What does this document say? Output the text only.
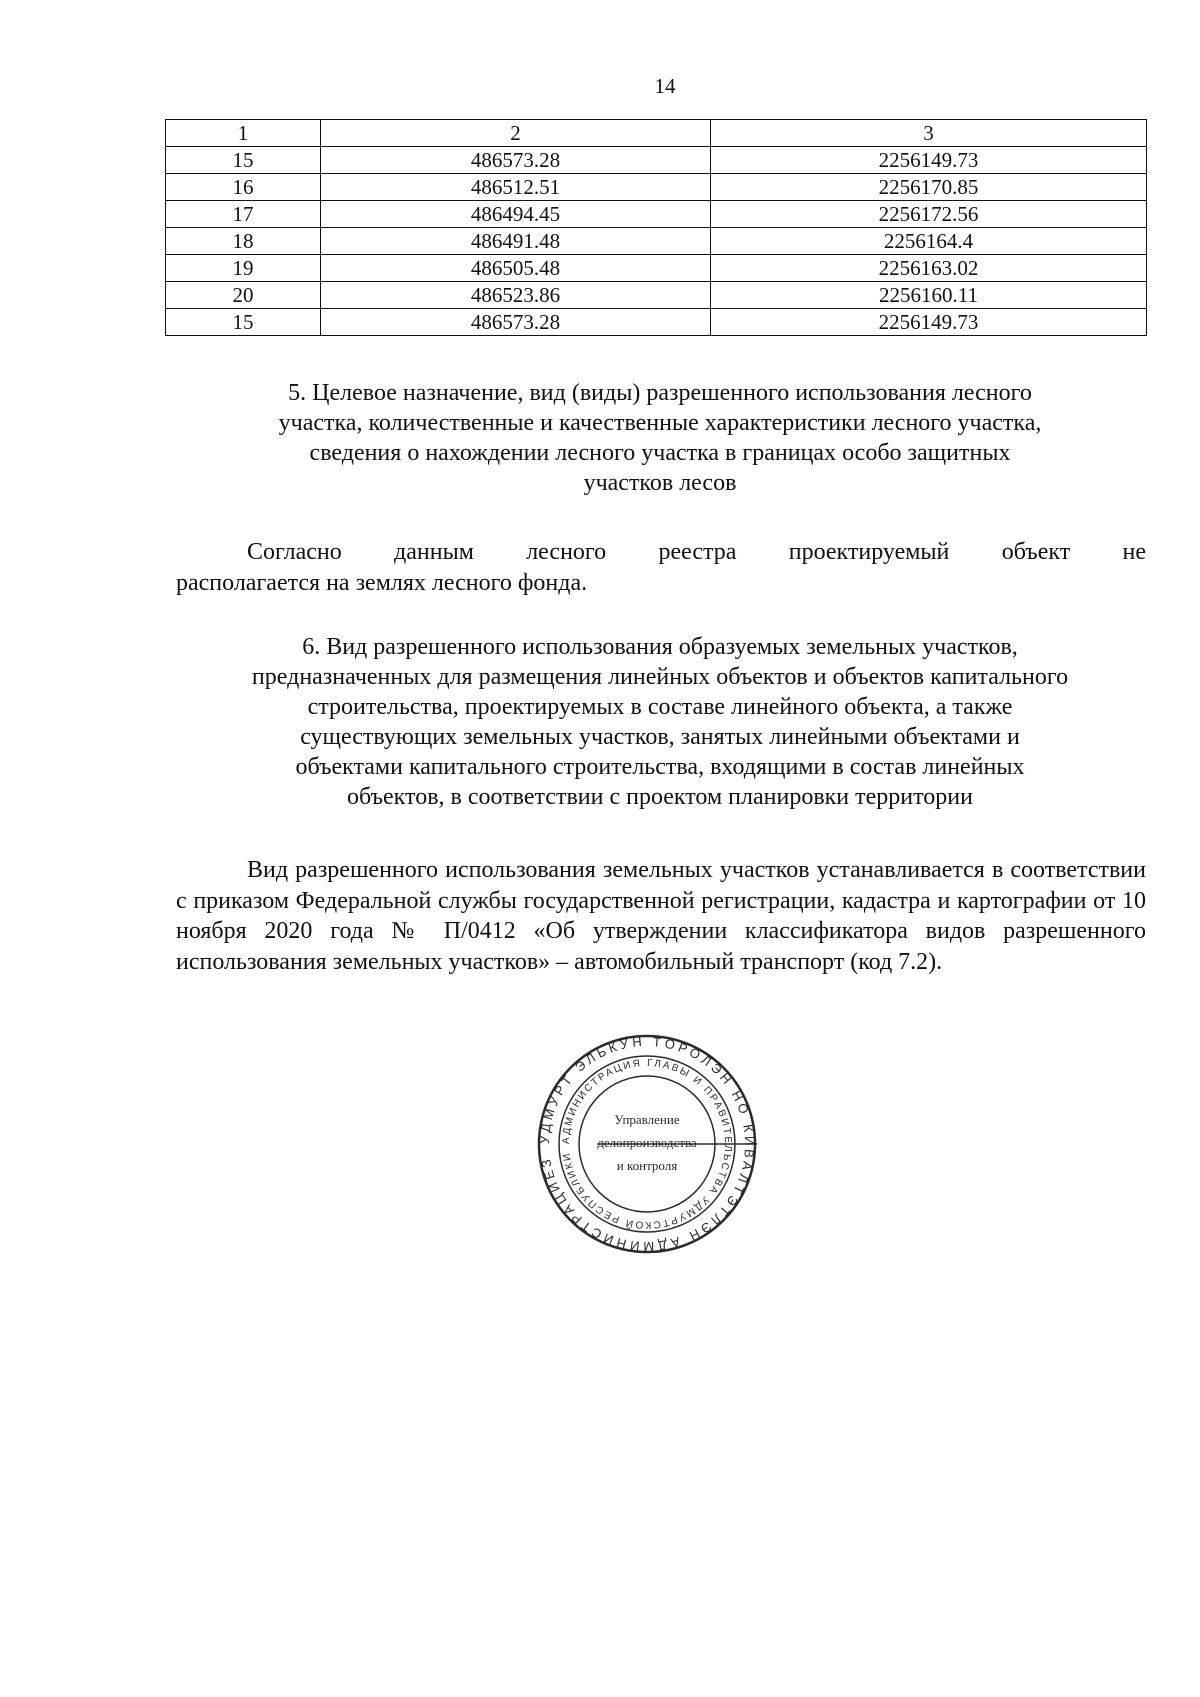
14
1	2	3
15	486573.28	2256149.73
16	486512.51	2256170.85
17	486494.45	2256172.56
18	486491.48	2256164.4
19	486505.48	2256163.02
20	486523.86	2256160.11
15	486573.28	2256149.73
5. Целевое назначение, вид (виды) разрешенного использования лесного
участка, количественные и качественные характеристики лесного участка,
сведения о нахождении лесного участка в границах особо защитных
участков лесов
Согласно данным лесного реестра проектируемый объект не
располагается на землях лесного фонда.
6. Вид разрешенного использования образуемых земельных участков,
предназначенных для размещения линейных объектов и объектов капитального
строительства, проектируемых в составе линейного объекта, а также
существующих земельных участков, занятых линейными объектами и
объектами капитального строительства, входящими в состав линейных
объектов, в соответствии с проектом планировки территории
Вид разрешенного использования земельных участков устанавливается в соответствии с приказом Федеральной службы государственной регистрации, кадастра и картографии от 10 ноября 2020 года № П/0412 «Об утверждении классификатора видов разрешенного использования земельных участков» – автомобильный транспорт (код 7.2).
УДМУРТ ЭЛЬКУН ТӦРОЛЭН НО КИВАЛТЭТЛЭН АДМИНИСТРАЦИЕЗ
АДМИНИСТРАЦИЯ ГЛАВЫ И ПРАВИТЕЛЬСТВА УДМУРТСКОЙ РЕСПУБЛИКИ
Управление
делопроизводства
и контроля
